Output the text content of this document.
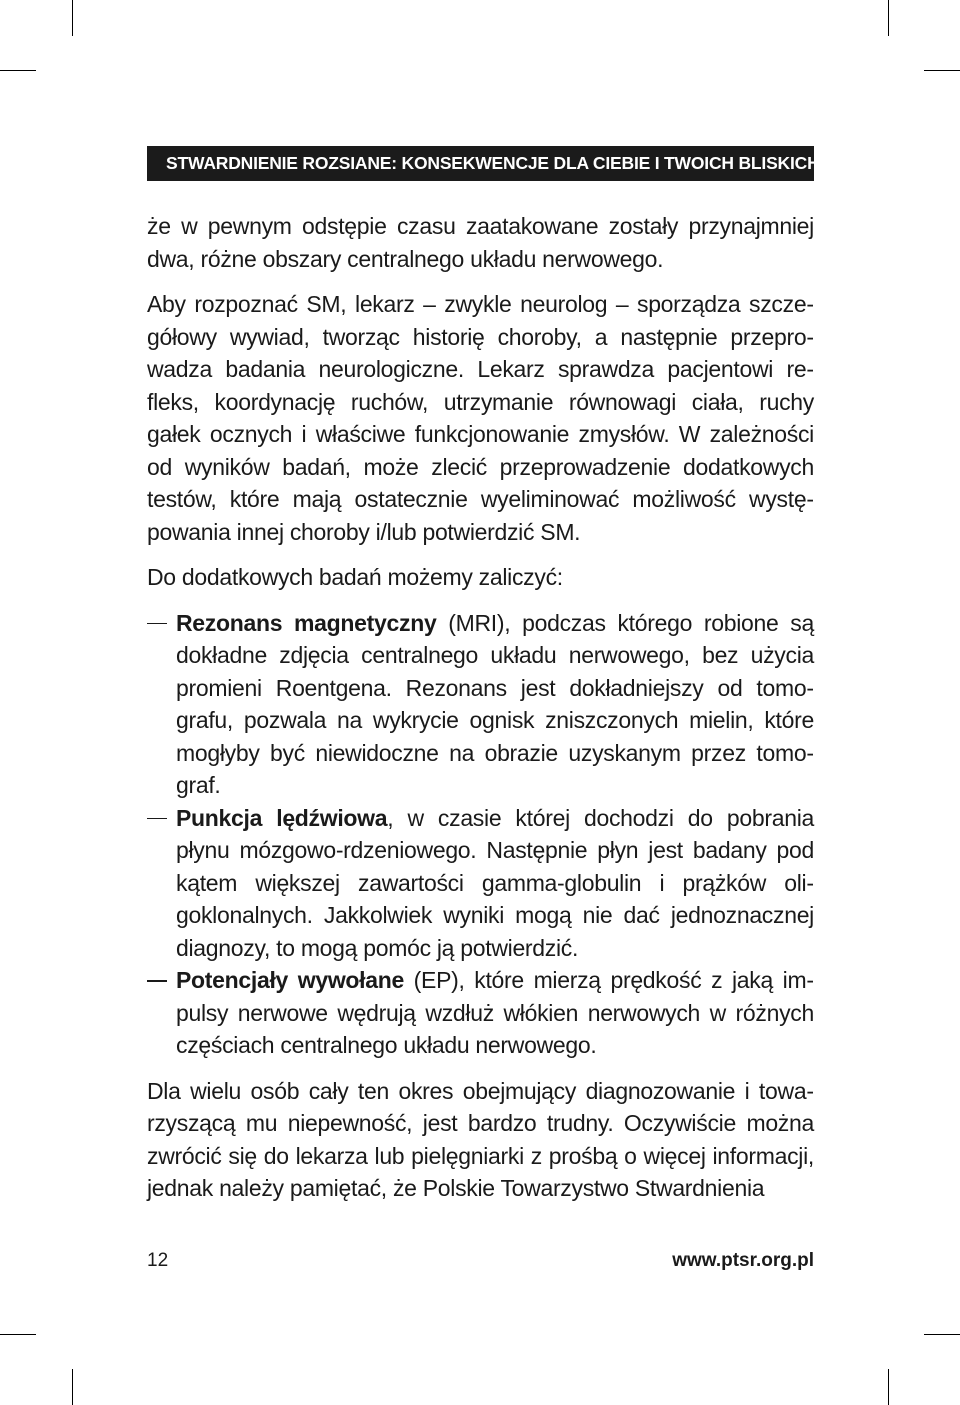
STWARDNIENIE ROZSIANE: KONSEKWENCJE DLA CIEBIE I TWOICH BLISKICH

że w pewnym odstępie czasu zaatakowane zostały przynajmniej dwa, różne obszary centralnego układu nerwowego.

Aby rozpoznać SM, lekarz – zwykle neurolog – sporządza szczegółowy wywiad, tworząc historię choroby, a następnie przeprowadza badania neurologiczne. Lekarz sprawdza pacjentowi refleks, koordynację ruchów, utrzymanie równowagi ciała, ruchy gałek ocznych i właściwe funkcjonowanie zmysłów. W zależności od wyników badań, może zlecić przeprowadzenie dodatkowych testów, które mają ostatecznie wyeliminować możliwość występowania innej choroby i/lub potwierdzić SM.

Do dodatkowych badań możemy zaliczyć:

Rezonans magnetyczny (MRI), podczas którego robione są dokładne zdjęcia centralnego układu nerwowego, bez użycia promieni Roentgena. Rezonans jest dokładniejszy od tomografu, pozwala na wykrycie ognisk zniszczonych mielin, które mogłyby być niewidoczne na obrazie uzyskanym przez tomograf.
Punkcja lędźwiowa, w czasie której dochodzi do pobrania płynu mózgowo-rdzeniowego. Następnie płyn jest badany pod kątem większej zawartości gamma-globulin i prążków oligoklonalnych. Jakkolwiek wyniki mogą nie dać jednoznacznej diagnozy, to mogą pomóc ją potwierdzić.
Potencjały wywołane (EP), które mierzą prędkość z jaką impulsy nerwowe wędrują wzdłuż włókien nerwowych w różnych częściach centralnego układu nerwowego.

Dla wielu osób cały ten okres obejmujący diagnozowanie i towarzyszącą mu niepewność, jest bardzo trudny. Oczywiście można zwrócić się do lekarza lub pielęgniarki z prośbą o więcej informacji, jednak należy pamiętać, że Polskie Towarzystwo Stwardnienia

12	www.ptsr.org.pl
